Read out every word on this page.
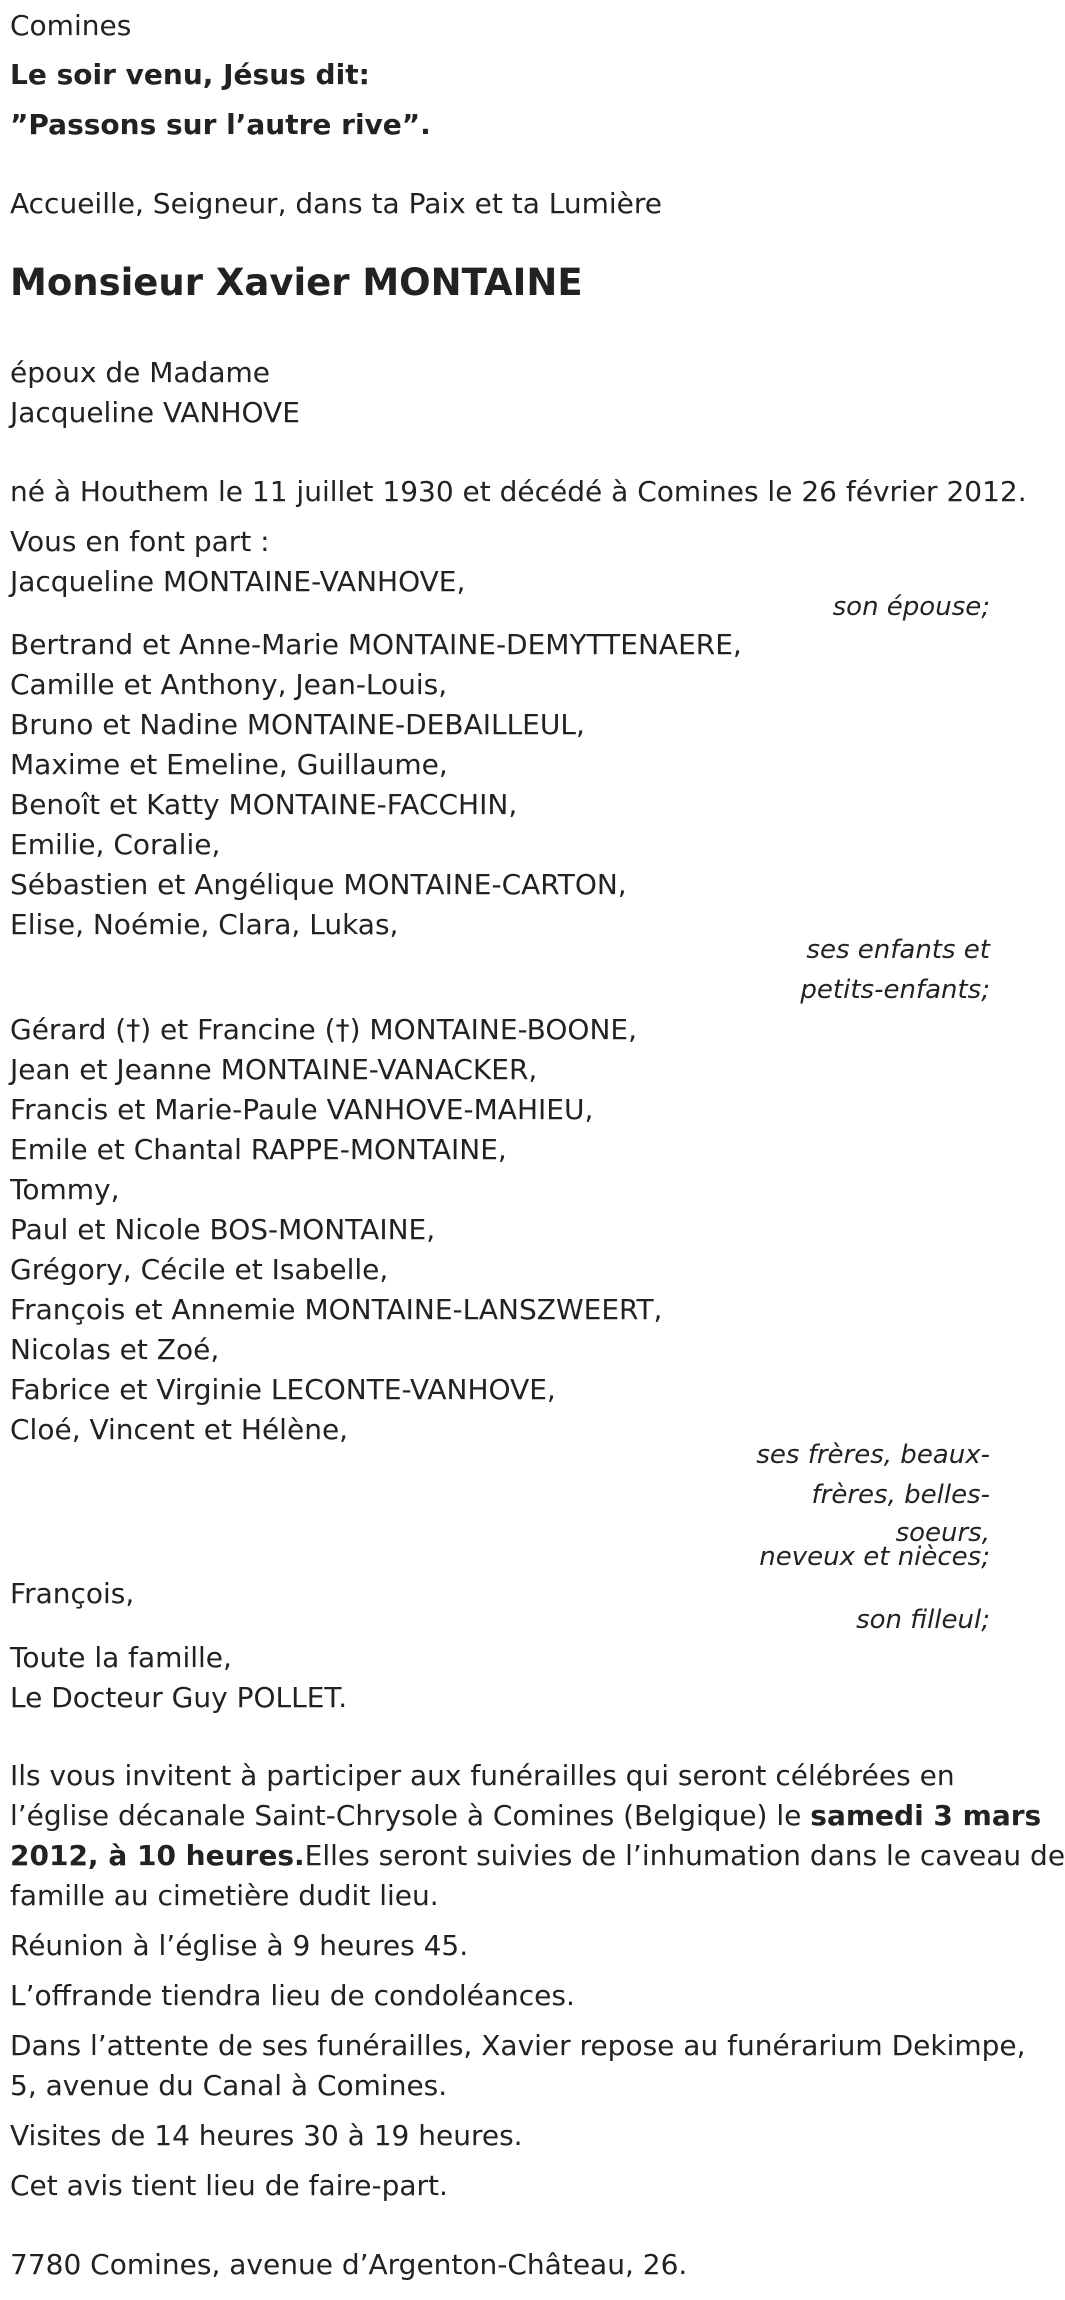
Comines
Le soir venu, Jésus dit:
”Passons sur l’autre rive”.
Accueille, Seigneur, dans ta Paix et ta Lumière
Monsieur Xavier MONTAINE
époux de Madame
Jacqueline VANHOVE
né à Houthem le 11 juillet 1930 et décédé à Comines le 26 février 2012.
Vous en font part :
Jacqueline MONTAINE-VANHOVE,
son épouse;
Bertrand et Anne-Marie MONTAINE-DEMYTTENAERE,
Camille et Anthony, Jean-Louis,
Bruno et Nadine MONTAINE-DEBAILLEUL,
Maxime et Emeline, Guillaume,
Benoît et Katty MONTAINE-FACCHIN,
Emilie, Coralie,
Sébastien et Angélique MONTAINE-CARTON,
Elise, Noémie, Clara, Lukas,
ses enfants et
petits-enfants;
Gérard (†) et Francine (†) MONTAINE-BOONE,
Jean et Jeanne MONTAINE-VANACKER,
Francis et Marie-Paule VANHOVE-MAHIEU,
Emile et Chantal RAPPE-MONTAINE,
Tommy,
Paul et Nicole BOS-MONTAINE,
Grégory, Cécile et Isabelle,
François et Annemie MONTAINE-LANSZWEERT,
Nicolas et Zoé,
Fabrice et Virginie LECONTE-VANHOVE,
Cloé, Vincent et Hélène,
ses frères, beaux-
frères, belles-
soeurs,
neveux et nièces;
François,
son filleul;
Toute la famille,
Le Docteur Guy POLLET.
Ils vous invitent à participer aux funérailles qui seront célébrées en
l’église décanale Saint-Chrysole à Comines (Belgique) le samedi 3 mars
2012, à 10 heures.Elles seront suivies de l’inhumation dans le caveau de
famille au cimetière dudit lieu.
Réunion à l’église à 9 heures 45.
L’offrande tiendra lieu de condoléances.
Dans l’attente de ses funérailles, Xavier repose au funérarium Dekimpe,
5, avenue du Canal à Comines.
Visites de 14 heures 30 à 19 heures.
Cet avis tient lieu de faire-part.
7780 Comines, avenue d’Argenton-Château, 26.
